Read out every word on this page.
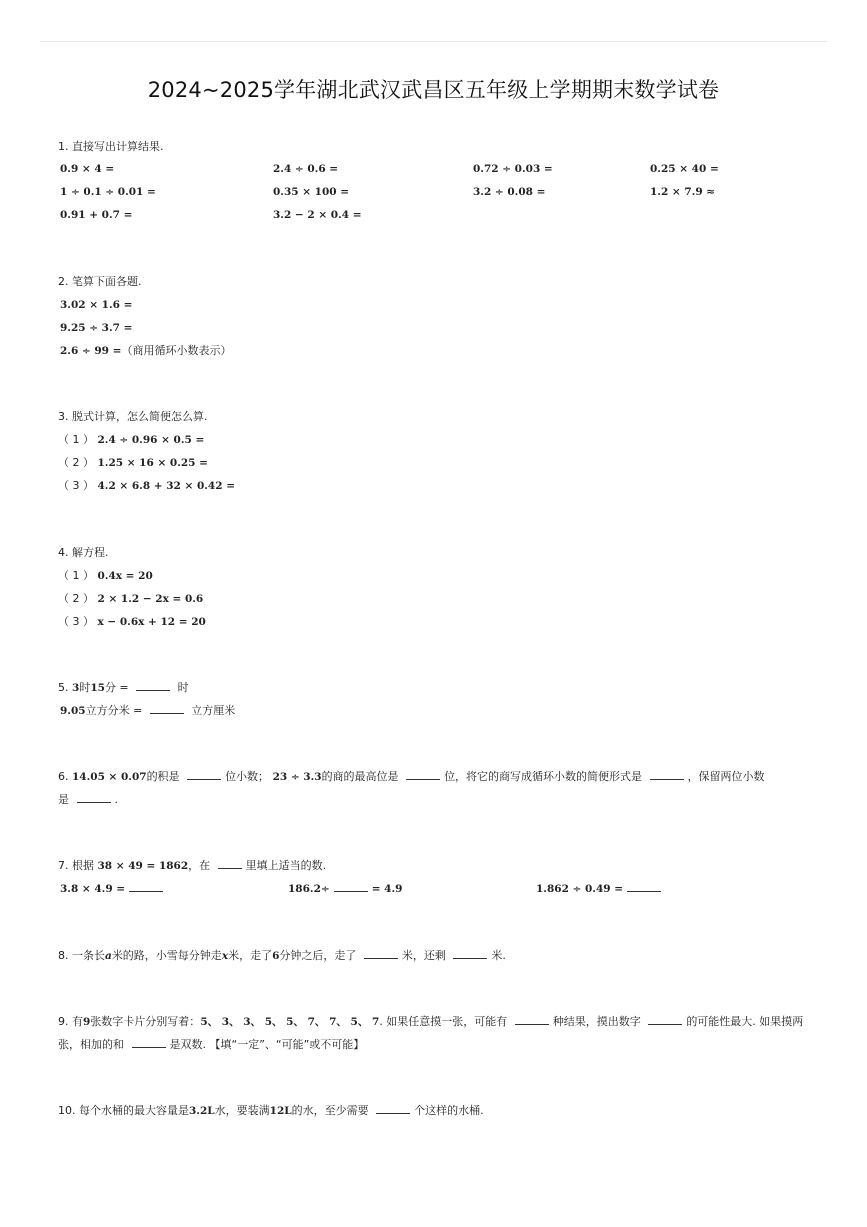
2024~2025学年湖北武汉武昌区五年级上学期期末数学试卷
1. 直接写出计算结果.
0.9 × 4 =	2.4 ÷ 0.6 =	0.72 ÷ 0.03 =	0.25 × 40 =
1 ÷ 0.1 ÷ 0.01 =	0.35 × 100 =	3.2 ÷ 0.08 =	1.2 × 7.9 ≈
0.91 + 0.7 =	3.2 − 2 × 0.4 =
2. 笔算下面各题.
3.02 × 1.6 =
9.25 ÷ 3.7 =
2.6 ÷ 99 =（商用循环小数表示）
3. 脱式计算，怎么简便怎么算.
（ 1 ） 2.4 ÷ 0.96 × 0.5 =
（ 2 ） 1.25 × 16 × 0.25 =
（ 3 ） 4.2 × 6.8 + 32 × 0.42 =
4. 解方程.
（ 1 ） 0.4x = 20
（ 2 ） 2 × 1.2 − 2x = 0.6
（ 3 ） x − 0.6x + 12 = 20
5. 3时15分 =	时
9.05立方分米 =	立方厘米
6. 14.05 × 0.07的积是	位小数； 23 ÷ 3.3的商的最高位是	位，将它的商写成循环小数的简便形式是	，保留两位小数
是	.
7. 根据 38 × 49 = 1862，在	里填上适当的数.
3.8 × 4.9 =	186.2÷	= 4.9	1.862 ÷ 0.49 =
8. 一条长a米的路，小雪每分钟走x米，走了6分钟之后，走了	米，还剩	米.
9. 有9张数字卡片分别写着：5、 3、 3、 5、 5、 7、 7、 5、 7. 如果任意摸一张，可能有	种结果，摸出数字	的可能性最大. 如果摸两
张，相加的和	是双数. 【填“一定”、“可能”或不可能】
10. 每个水桶的最大容量是3.2L水，要装满12L的水，至少需要	个这样的水桶.
